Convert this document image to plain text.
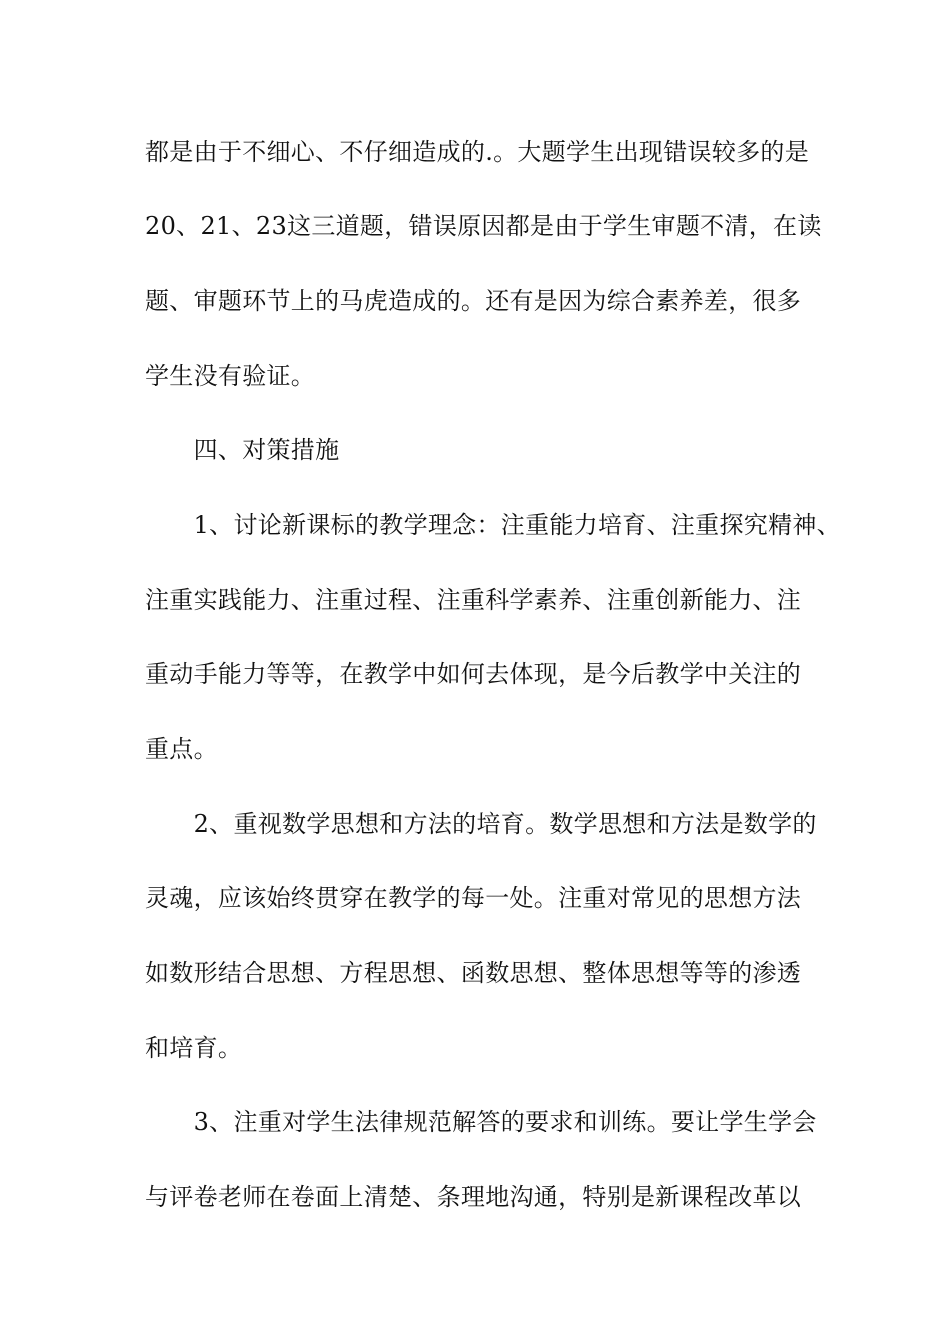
都是由于不细心、不仔细造成的.。大题学生出现错误较多的是
20、21、23这三道题，错误原因都是由于学生审题不清，在读
题、审题环节上的马虎造成的。还有是因为综合素养差，很多
学生没有验证。
　　四、对策措施
　　1、讨论新课标的教学理念：注重能力培育、注重探究精神、
注重实践能力、注重过程、注重科学素养、注重创新能力、注
重动手能力等等，在教学中如何去体现，是今后教学中关注的
重点。
　　2、重视数学思想和方法的培育。数学思想和方法是数学的
灵魂，应该始终贯穿在教学的每一处。注重对常见的思想方法
如数形结合思想、方程思想、函数思想、整体思想等等的渗透
和培育。
　　3、注重对学生法律规范解答的要求和训练。要让学生学会
与评卷老师在卷面上清楚、条理地沟通，特别是新课程改革以
